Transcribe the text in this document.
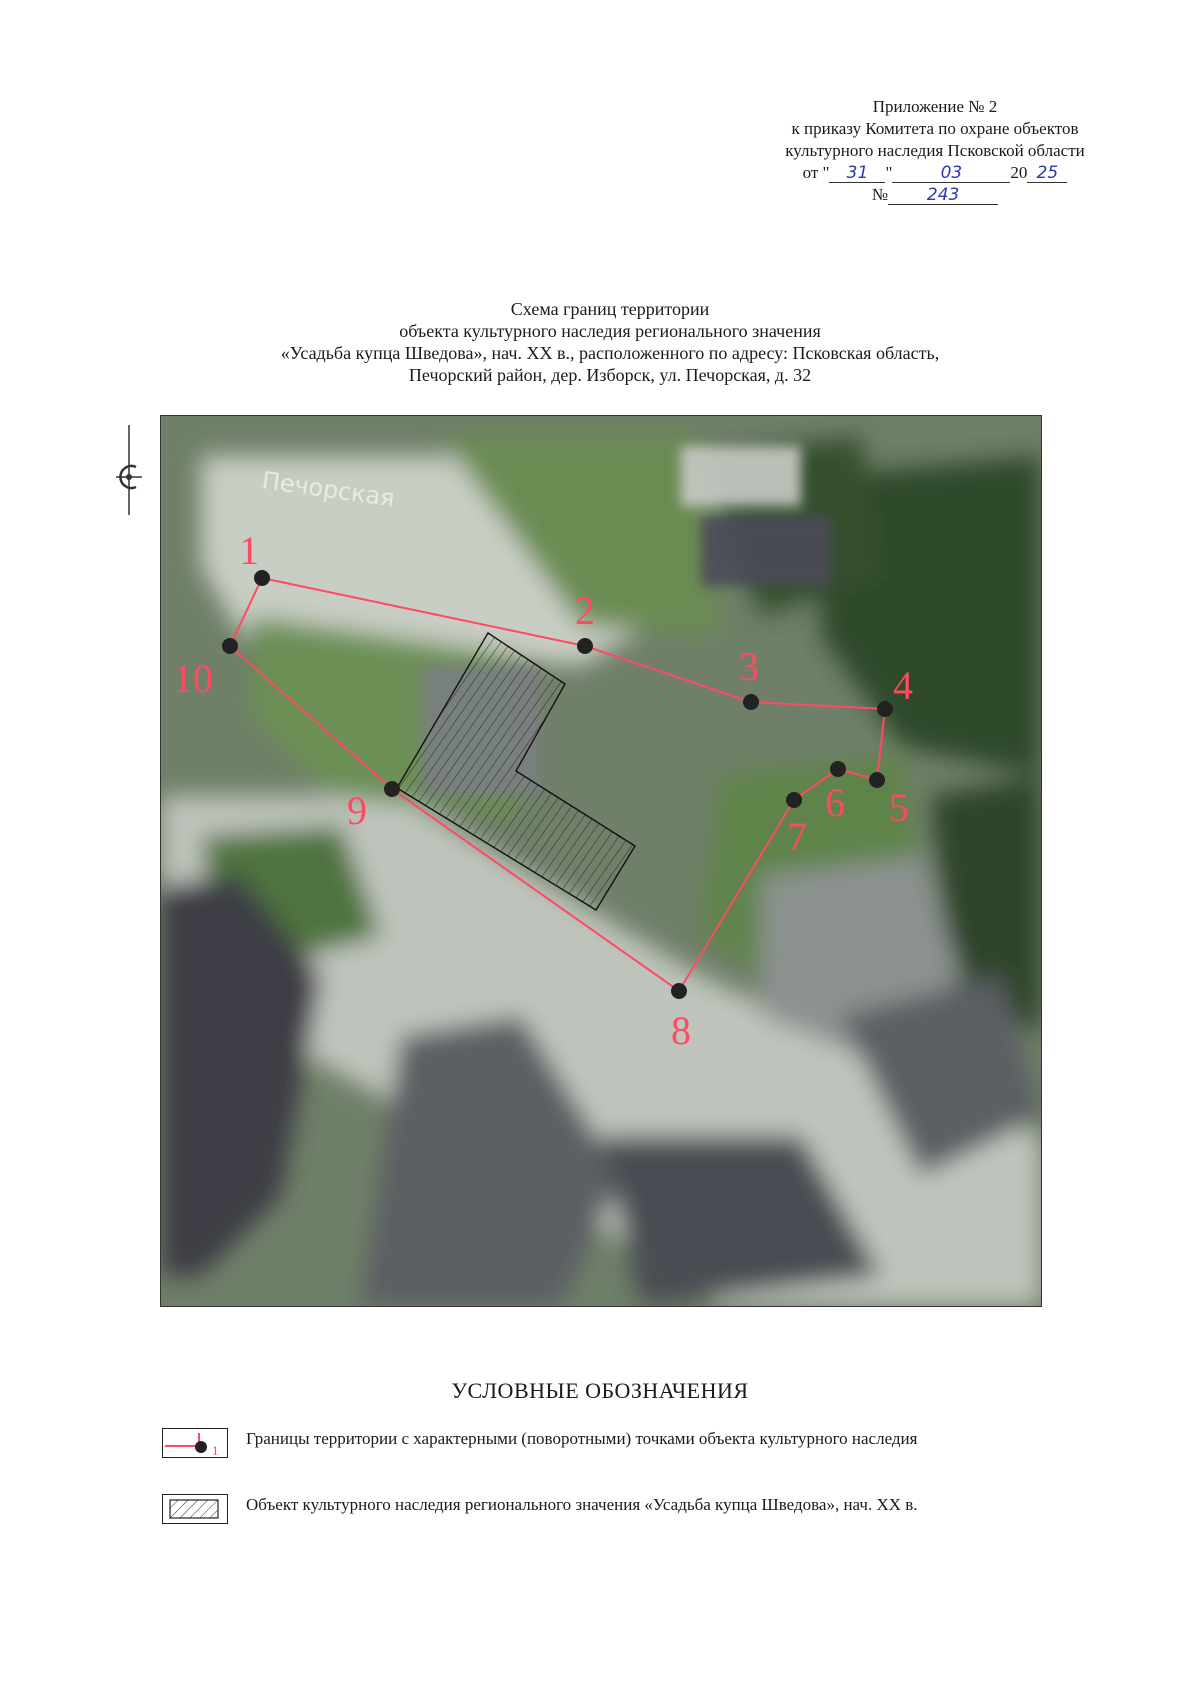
Приложение № 2
к приказу Комитета по охране объектов
культурного наследия Псковской области
от " 31 "	03	20 25
№ 243
Схема границ территории
объекта культурного наследия регионального значения
«Усадьба купца Шведова», нач. XX в., расположенного по адресу: Псковская область,
Печорский район, дер. Изборск, ул. Печорская, д. 32
Печорская
1
2
3	4
5
6
7
8
9
10
УСЛОВНЫЕ ОБОЗНАЧЕНИЯ
1
Границы территории с характерными (поворотными) точками объекта культурного наследия
Объект культурного наследия регионального значения «Усадьба купца Шведова», нач. XX в.
